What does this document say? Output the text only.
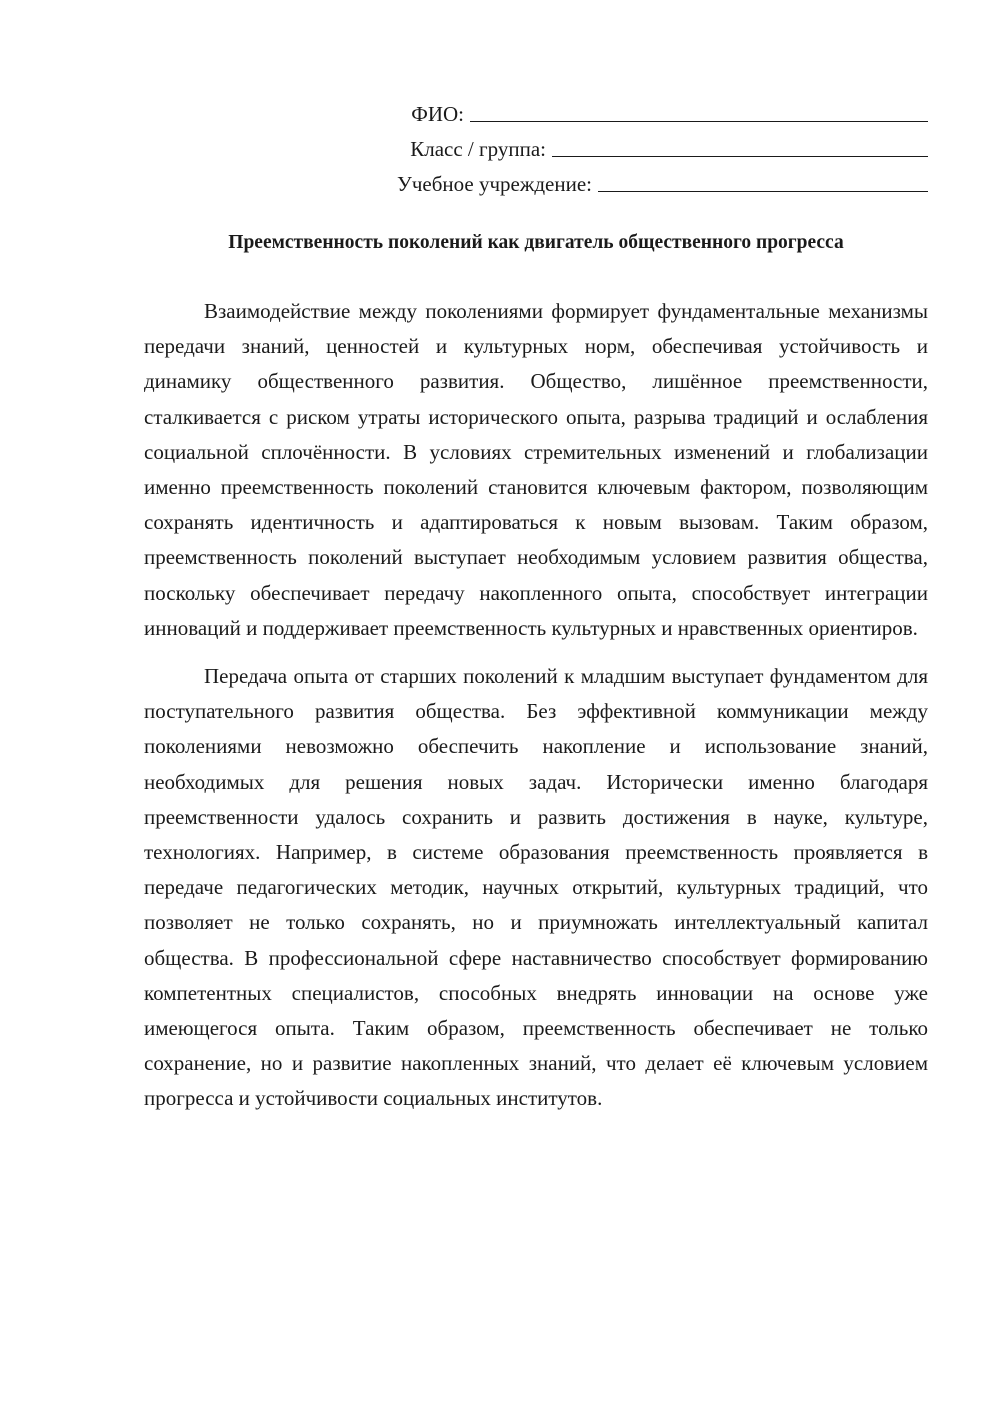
ФИО:
Класс / группа:
Учебное учреждение:
Преемственность поколений как двигатель общественного прогресса

Взаимодействие между поколениями формирует фундаментальные механизмы передачи знаний, ценностей и культурных норм, обеспечивая устойчивость и динамику общественного развития. Общество, лишённое преемственности, сталкивается с риском утраты исторического опыта, разрыва традиций и ослабления социальной сплочённости. В условиях стремительных изменений и глобализации именно преемственность поколений становится ключевым фактором, позволяющим сохранять идентичность и адаптироваться к новым вызовам. Таким образом, преемственность поколений выступает необходимым условием развития общества, поскольку обеспечивает передачу накопленного опыта, способствует интеграции инноваций и поддерживает преемственность культурных и нравственных ориентиров.

Передача опыта от старших поколений к младшим выступает фундаментом для поступательного развития общества. Без эффективной коммуникации между поколениями невозможно обеспечить накопление и использование знаний, необходимых для решения новых задач. Исторически именно благодаря преемственности удалось сохранить и развить достижения в науке, культуре, технологиях. Например, в системе образования преемственность проявляется в передаче педагогических методик, научных открытий, культурных традиций, что позволяет не только сохранять, но и приумножать интеллектуальный капитал общества. В профессиональной сфере наставничество способствует формированию компетентных специалистов, способных внедрять инновации на основе уже имеющегося опыта. Таким образом, преемственность обеспечивает не только сохранение, но и развитие накопленных знаний, что делает её ключевым условием прогресса и устойчивости социальных институтов.
